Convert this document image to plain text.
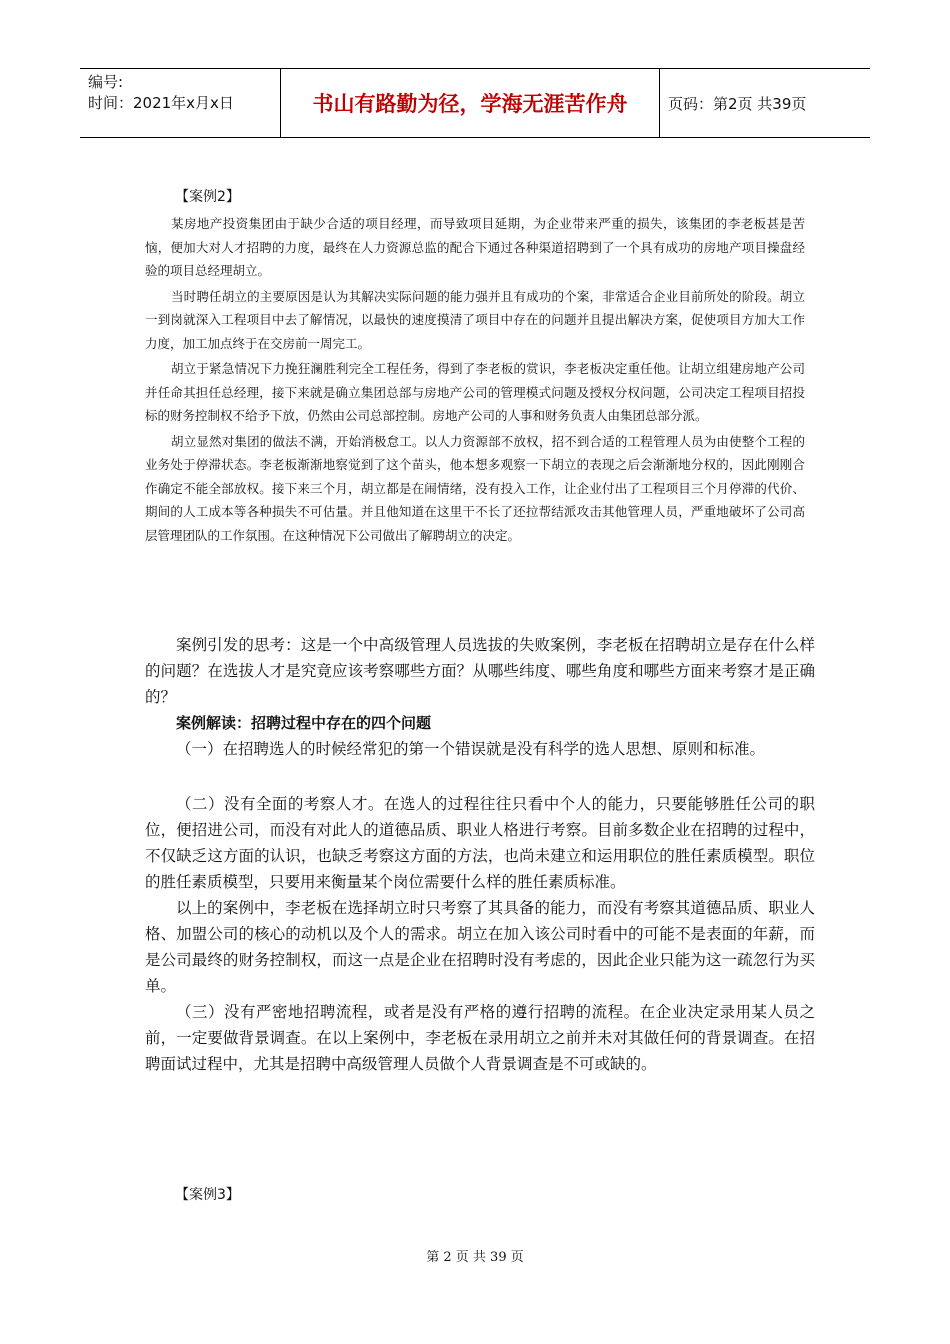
编号:
时间：2021年x月x日	书山有路勤为径，学海无涯苦作舟	页码：第2页 共39页
【案例2】

某房地产投资集团由于缺少合适的项目经理，而导致项目延期，为企业带来严重的损失，该集团的李老板甚是苦恼，便加大对人才招聘的力度，最终在人力资源总监的配合下通过各种渠道招聘到了一个具有成功的房地产项目操盘经验的项目总经理胡立。

当时聘任胡立的主要原因是认为其解决实际问题的能力强并且有成功的个案，非常适合企业目前所处的阶段。胡立一到岗就深入工程项目中去了解情况，以最快的速度摸清了项目中存在的问题并且提出解决方案，促使项目方加大工作力度，加工加点终于在交房前一周完工。

胡立于紧急情况下力挽狂澜胜利完全工程任务，得到了李老板的赏识，李老板决定重任他。让胡立组建房地产公司并任命其担任总经理，接下来就是确立集团总部与房地产公司的管理模式问题及授权分权问题，公司决定工程项目招投标的财务控制权不给予下放，仍然由公司总部控制。房地产公司的人事和财务负责人由集团总部分派。

胡立显然对集团的做法不满，开始消极怠工。以人力资源部不放权，招不到合适的工程管理人员为由使整个工程的业务处于停滞状态。李老板渐渐地察觉到了这个苗头，他本想多观察一下胡立的表现之后会渐渐地分权的，因此刚刚合作确定不能全部放权。接下来三个月，胡立都是在闹情绪，没有投入工作，让企业付出了工程项目三个月停滞的代价、期间的人工成本等各种损失不可估量。并且他知道在这里干不长了还拉帮结派攻击其他管理人员，严重地破坏了公司高层管理团队的工作氛围。在这种情况下公司做出了解聘胡立的决定。

案例引发的思考：这是一个中高级管理人员选拔的失败案例，李老板在招聘胡立是存在什么样的问题？在选拔人才是究竟应该考察哪些方面？从哪些纬度、哪些角度和哪些方面来考察才是正确的？

案例解读：招聘过程中存在的四个问题

（一）在招聘选人的时候经常犯的第一个错误就是没有科学的选人思想、原则和标准。

（二）没有全面的考察人才。在选人的过程往往只看中个人的能力，只要能够胜任公司的职位，便招进公司，而没有对此人的道德品质、职业人格进行考察。目前多数企业在招聘的过程中，不仅缺乏这方面的认识，也缺乏考察这方面的方法，也尚未建立和运用职位的胜任素质模型。职位的胜任素质模型，只要用来衡量某个岗位需要什么样的胜任素质标准。

以上的案例中，李老板在选择胡立时只考察了其具备的能力，而没有考察其道德品质、职业人格、加盟公司的核心的动机以及个人的需求。胡立在加入该公司时看中的可能不是表面的年薪，而是公司最终的财务控制权，而这一点是企业在招聘时没有考虑的，因此企业只能为这一疏忽行为买单。

（三）没有严密地招聘流程，或者是没有严格的遵行招聘的流程。在企业决定录用某人员之前，一定要做背景调查。在以上案例中，李老板在录用胡立之前并未对其做任何的背景调查。在招聘面试过程中，尤其是招聘中高级管理人员做个人背景调查是不可或缺的。

【案例3】
第 2 页 共 39 页
